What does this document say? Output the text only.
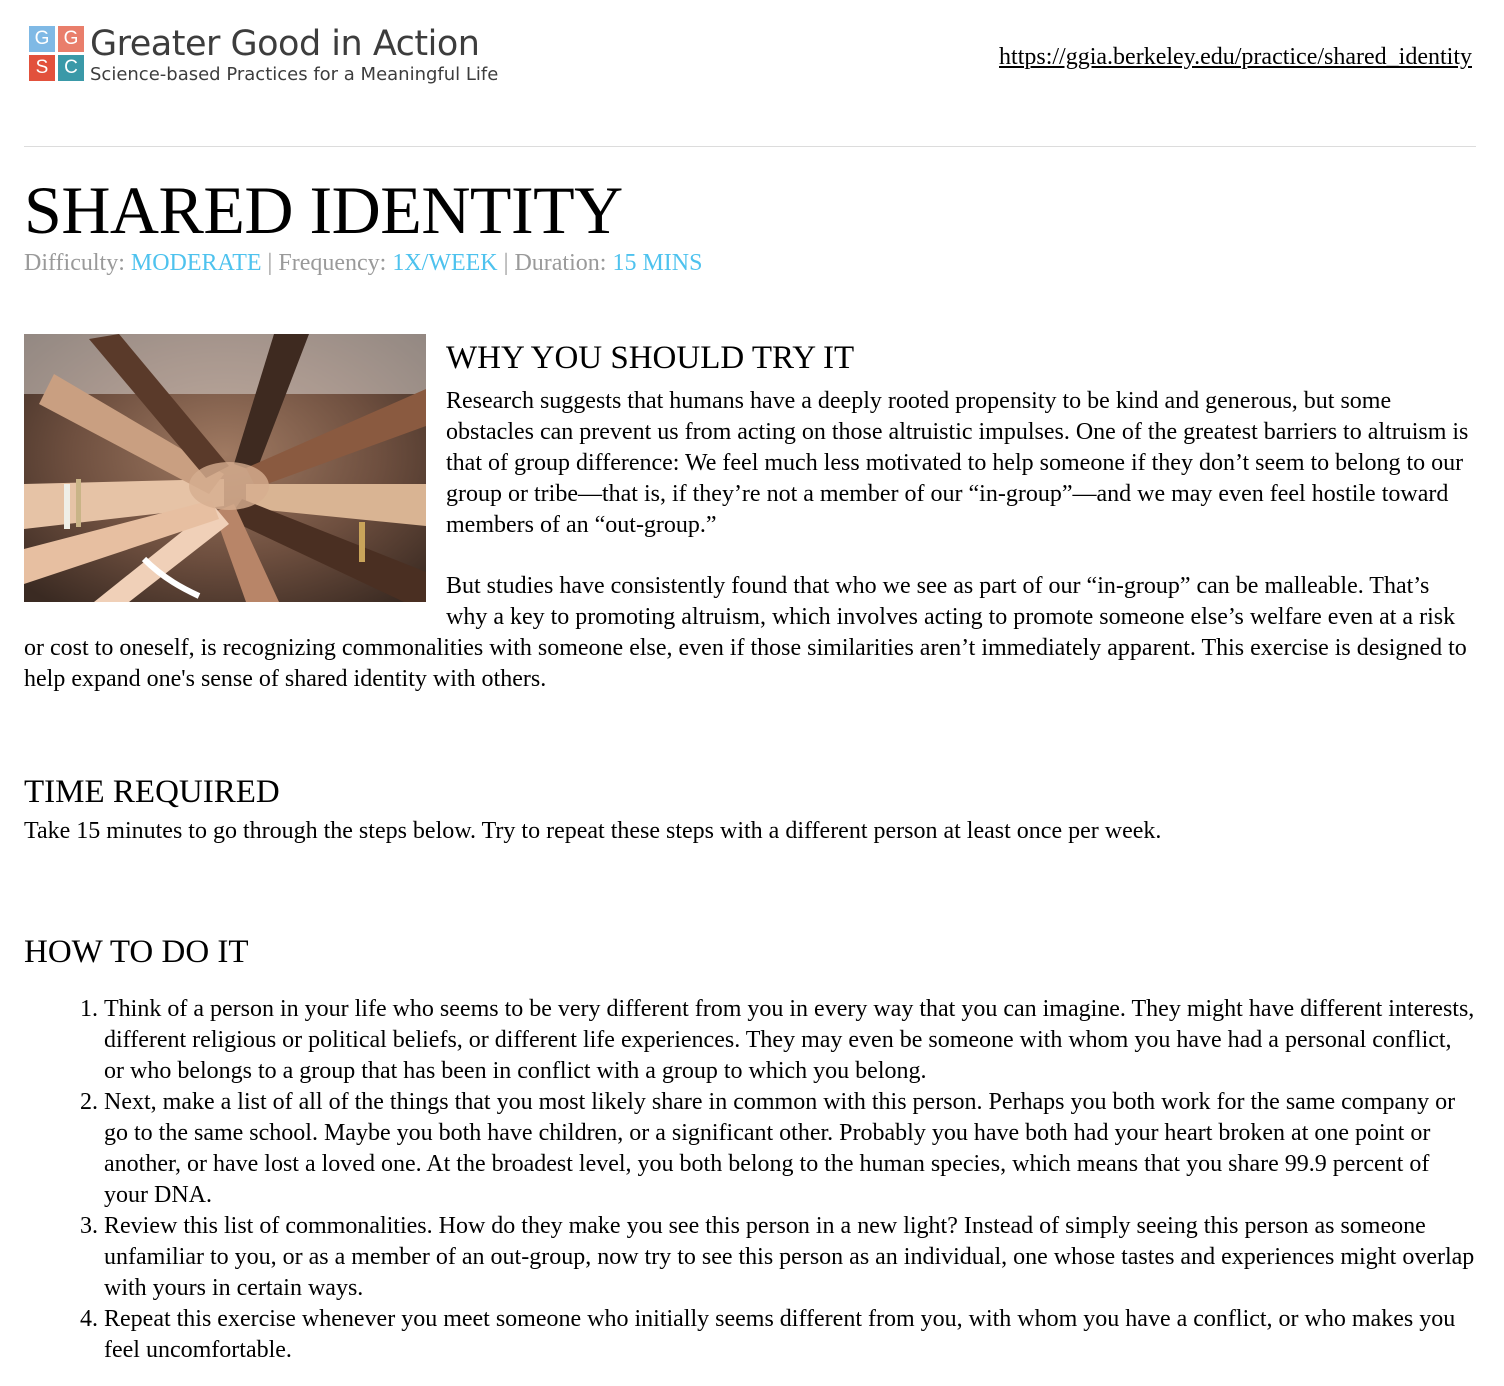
G G
S C
Greater Good in Action
Science-based Practices for a Meaningful Life
https://ggia.berkeley.edu/practice/shared_identity
SHARED IDENTITY
Difficulty: MODERATE | Frequency: 1X/WEEK | Duration: 15 MINS
WHY YOU SHOULD TRY IT

Research suggests that humans have a deeply rooted propensity to be kind and generous, but some obstacles can prevent us from acting on those altruistic impulses. One of the greatest barriers to altruism is that of group difference: We feel much less motivated to help someone if they don’t seem to belong to our group or tribe—that is, if they’re not a member of our “in-group”—and we may even feel hostile toward members of an “out-group.”

But studies have consistently found that who we see as part of our “in-group” can be malleable. That’s why a key to promoting altruism, which involves acting to promote someone else’s welfare even at a risk or cost to oneself, is recognizing commonalities with someone else, even if those similarities aren’t immediately apparent. This exercise is designed to help expand one's sense of shared identity with others.

TIME REQUIRED

Take 15 minutes to go through the steps below. Try to repeat these steps with a different person at least once per week.

HOW TO DO IT
1. Think of a person in your life who seems to be very different from you in every way that you can imagine. They might have different interests, different religious or political beliefs, or different life experiences. They may even be someone with whom you have had a personal conflict, or who belongs to a group that has been in conflict with a group to which you belong.
2. Next, make a list of all of the things that you most likely share in common with this person. Perhaps you both work for the same company or go to the same school. Maybe you both have children, or a significant other. Probably you have both had your heart broken at one point or another, or have lost a loved one. At the broadest level, you both belong to the human species, which means that you share 99.9 percent of your DNA.
3. Review this list of commonalities. How do they make you see this person in a new light? Instead of simply seeing this person as someone unfamiliar to you, or as a member of an out-group, now try to see this person as an individual, one whose tastes and experiences might overlap with yours in certain ways.
4. Repeat this exercise whenever you meet someone who initially seems different from you, with whom you have a conflict, or who makes you feel uncomfortable.
